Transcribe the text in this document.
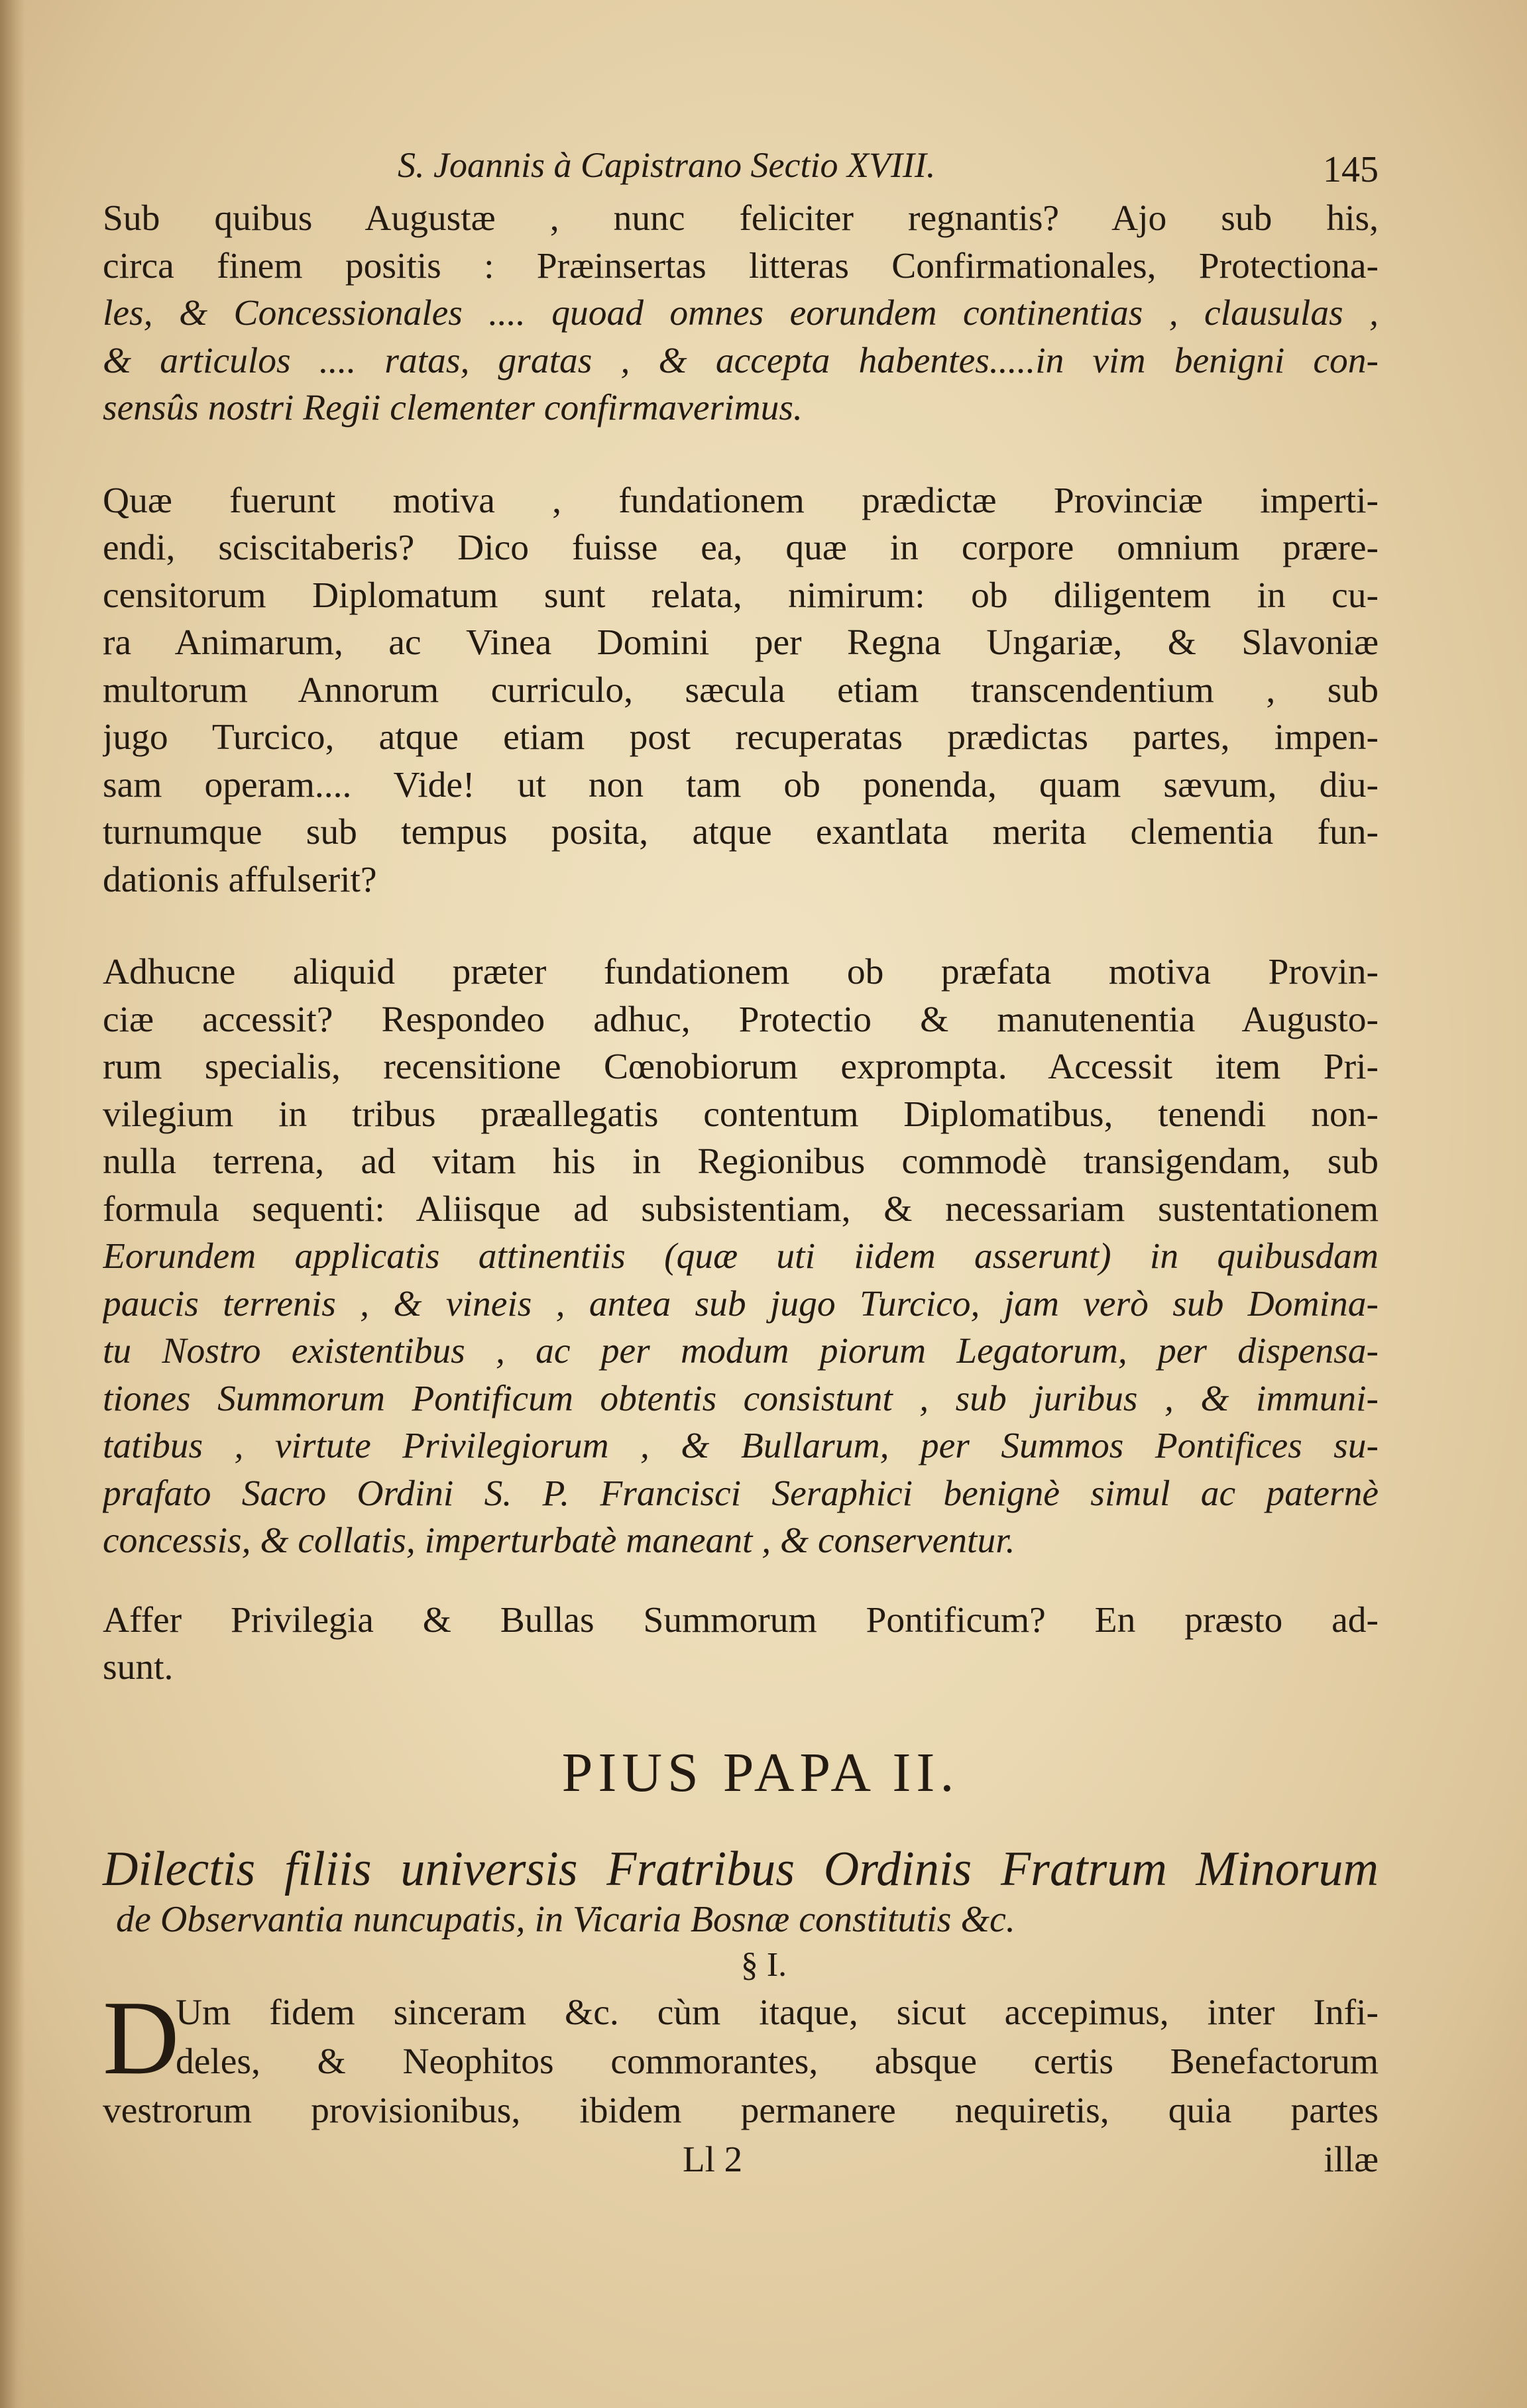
S. Joannis à Capistrano Sectio XVIII.	145
Sub quibus Augustæ , nunc feliciter regnantis? Ajo sub his,
circa finem positis : Præinsertas litteras Confirmationales, Protectiona-
les, & Concessionales .... quoad omnes eorundem continentias , clausulas ,
& articulos .... ratas, gratas , & accepta habentes.....in vim benigni con-
sensûs nostri Regii clementer confirmaverimus.
Quæ fuerunt motiva , fundationem prædictæ Provinciæ imperti-
endi, sciscitaberis? Dico fuisse ea, quæ in corpore omnium prære-
censitorum Diplomatum sunt relata, nimirum: ob diligentem in cu-
ra Animarum, ac Vinea Domini per Regna Ungariæ, & Slavoniæ
multorum Annorum curriculo, sæcula etiam transcendentium , sub
jugo Turcico, atque etiam post recuperatas prædictas partes, impen-
sam operam.... Vide! ut non tam ob ponenda, quam sævum, diu-
turnumque sub tempus posita, atque exantlata merita clementia fun-
dationis affulserit?
Adhucne aliquid præter fundationem ob præfata motiva Provin-
ciæ accessit? Respondeo adhuc, Protectio & manutenentia Augusto-
rum specialis, recensitione Cœnobiorum exprompta. Accessit item Pri-
vilegium in tribus præallegatis contentum Diplomatibus, tenendi non-
nulla terrena, ad vitam his in Regionibus commodè transigendam, sub
formula sequenti: Aliisque ad subsistentiam, & necessariam sustentationem
Eorundem applicatis attinentiis (quæ uti iidem asserunt) in quibusdam
paucis terrenis , & vineis , antea sub jugo Turcico, jam verò sub Domina-
tu Nostro existentibus , ac per modum piorum Legatorum, per dispensa-
tiones Summorum Pontificum obtentis consistunt , sub juribus , & immuni-
tatibus , virtute Privilegiorum , & Bullarum, per Summos Pontifices su-
prafato Sacro Ordini S. P. Francisci Seraphici benignè simul ac paternè
concessis, & collatis, imperturbatè maneant , & conserventur.
Affer Privilegia & Bullas Summorum Pontificum? En præsto ad-
sunt.
PIUS PAPA II.
Dilectis filiis universis Fratribus Ordinis Fratrum Minorum
de Observantia nuncupatis, in Vicaria Bosnæ constitutis &c.
§ I.
D
Um fidem sinceram &c. cùm itaque, sicut accepimus, inter Infi-
deles, & Neophitos commorantes, absque certis Benefactorum
vestrorum provisionibus, ibidem permanere nequiretis, quia partes
Ll 2	illæ
